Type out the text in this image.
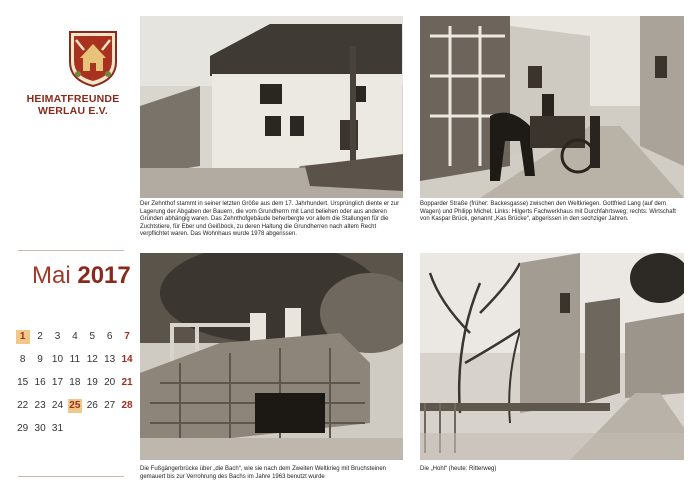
HEIMATFREUNDE
WERLAU E.V.
Mai 2017
1	2	3	4	5	6	7
8	9 10 11 12 13 14
15 16 17 18 19 20 21
22 23 24 25 26 27 28
29 30 31
Der Zehnthof stammt in seiner letzten Größe aus dem 17. Jahrhundert. Ursprünglich diente er zur Lagerung der Abgaben der Bauern, die vom Grundherrn mit Land beliehen oder aus anderen Gründen abhängig waren. Das Zehnthofgebäude beherbergte vor allem die Stallungen für die Zuchtstiere, für Eber und Geißbock, zu deren Haltung die Grundherren nach altem Recht verpflichtet waren. Das Wohnhaus wurde 1978 abgerissen.
Bopparder Straße (früher: Backesgasse) zwischen den Weltkriegen. Gottfried Lang (auf dem Wagen) und Philipp Michel. Links: Hilgerts Fachwerkhaus mit Durchfahrtsweg; rechts: Wirtschaft von Kaspar Brück, genannt „Kas Brücke“, abgerissen in den sechziger Jahren.
Die Fußgängerbrücke über „die Bach“, wie sie nach dem Zweiten Weltkrieg mit Bruchsteinen gemauert bis zur Verrohrung des Bachs im Jahre 1963 benutzt wurde
Die „Hohl“ (heute: Ritterweg)
